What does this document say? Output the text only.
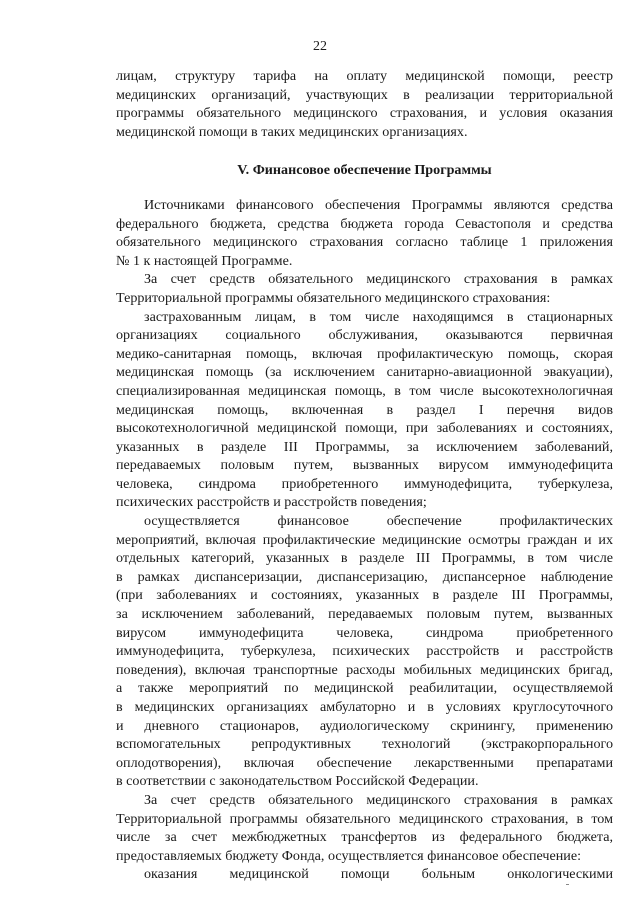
22
лицам, структуру тарифа на оплату медицинской помощи, реестр
медицинских организаций, участвующих в реализации территориальной
программы обязательного медицинского страхования, и условия оказания
медицинской помощи в таких медицинских организациях.
V. Финансовое обеспечение Программы
Источниками финансового обеспечения Программы являются средства
федерального бюджета, средства бюджета города Севастополя и средства
обязательного медицинского страхования согласно таблице 1 приложения
№ 1 к настоящей Программе.
За счет средств обязательного медицинского страхования в рамках
Территориальной программы обязательного медицинского страхования:
застрахованным лицам, в том числе находящимся в стационарных
организациях социального обслуживания, оказываются первичная
медико-санитарная помощь, включая профилактическую помощь, скорая
медицинская помощь (за исключением санитарно-авиационной эвакуации),
специализированная медицинская помощь, в том числе высокотехнологичная
медицинская помощь, включенная в раздел I перечня видов
высокотехнологичной медицинской помощи, при заболеваниях и состояниях,
указанных в разделе III Программы, за исключением заболеваний,
передаваемых половым путем, вызванных вирусом иммунодефицита
человека, синдрома приобретенного иммунодефицита, туберкулеза,
психических расстройств и расстройств поведения;
осуществляется финансовое обеспечение профилактических
мероприятий, включая профилактические медицинские осмотры граждан и их
отдельных категорий, указанных в разделе III Программы, в том числе
в рамках диспансеризации, диспансеризацию, диспансерное наблюдение
(при заболеваниях и состояниях, указанных в разделе III Программы,
за исключением заболеваний, передаваемых половым путем, вызванных
вирусом иммунодефицита человека, синдрома приобретенного
иммунодефицита, туберкулеза, психических расстройств и расстройств
поведения), включая транспортные расходы мобильных медицинских бригад,
а также мероприятий по медицинской реабилитации, осуществляемой
в медицинских организациях амбулаторно и в условиях круглосуточного
и дневного стационаров, аудиологическому скринингу, применению
вспомогательных репродуктивных технологий (экстракорпорального
оплодотворения), включая обеспечение лекарственными препаратами
в соответствии с законодательством Российской Федерации.
За счет средств обязательного медицинского страхования в рамках
Территориальной программы обязательного медицинского страхования, в том
числе за счет межбюджетных трансфертов из федерального бюджета,
предоставляемых бюджету Фонда, осуществляется финансовое обеспечение:
оказания медицинской помощи больным онкологическими
